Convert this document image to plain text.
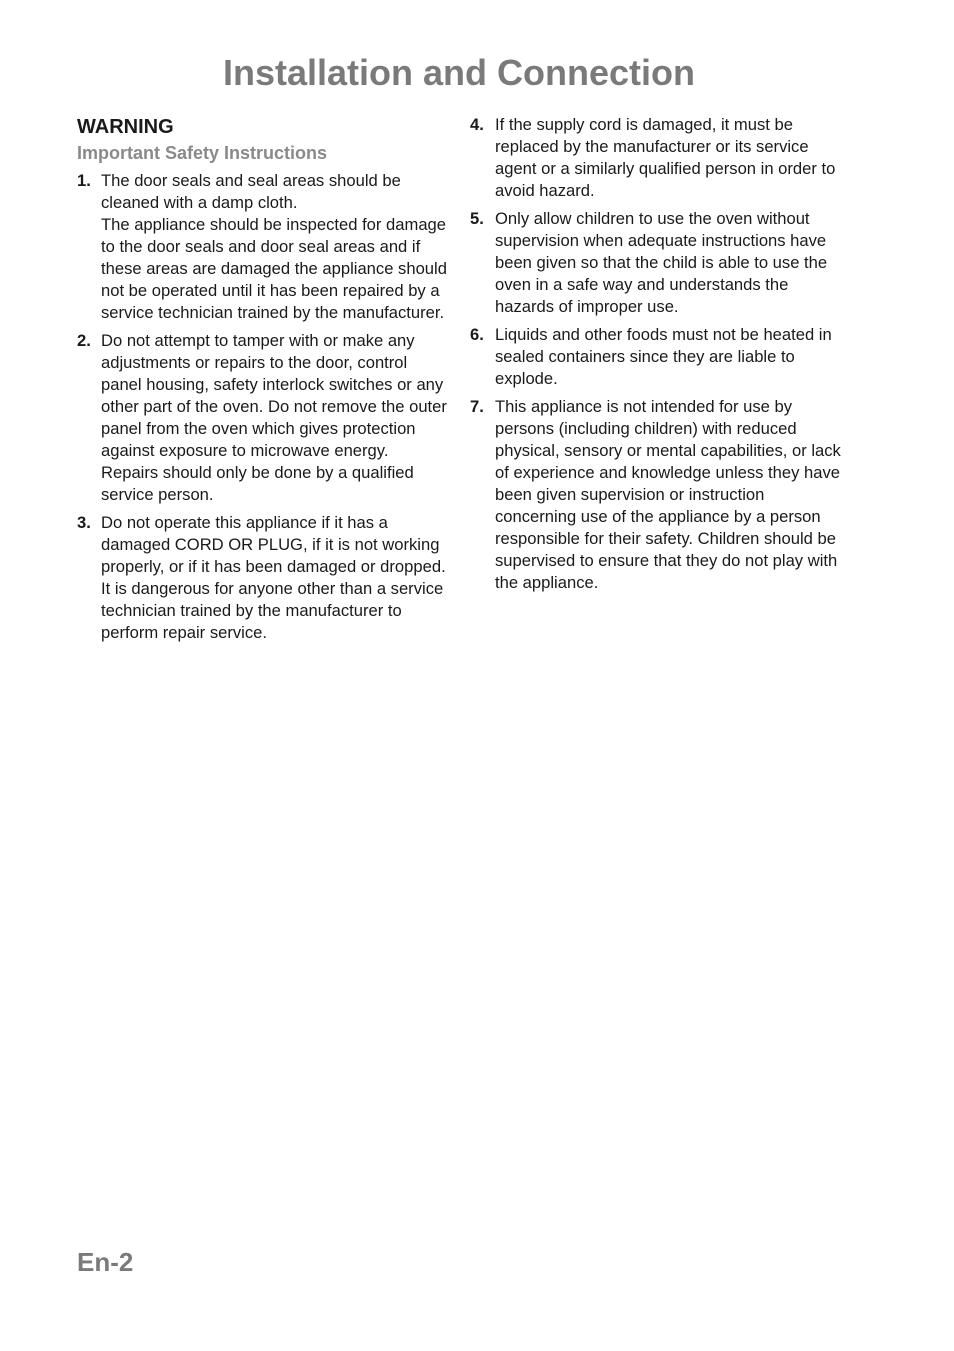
Installation and Connection
WARNING
Important Safety Instructions
1. The door seals and seal areas should be cleaned with a damp cloth.
The appliance should be inspected for damage to the door seals and door seal areas and if these areas are damaged the appliance should not be operated until it has been repaired by a service technician trained by the manufacturer.
2. Do not attempt to tamper with or make any adjustments or repairs to the door, control panel housing, safety interlock switches or any other part of the oven. Do not remove the outer panel from the oven which gives protection against exposure to microwave energy.
Repairs should only be done by a qualified service person.
3. Do not operate this appliance if it has a damaged CORD OR PLUG, if it is not working properly, or if it has been damaged or dropped. It is dangerous for anyone other than a service technician trained by the manufacturer to perform repair service.
4. If the supply cord is damaged, it must be replaced by the manufacturer or its service agent or a similarly qualified person in order to avoid hazard.
5. Only allow children to use the oven without supervision when adequate instructions have been given so that the child is able to use the oven in a safe way and understands the hazards of improper use.
6. Liquids and other foods must not be heated in sealed containers since they are liable to explode.
7. This appliance is not intended for use by persons (including children) with reduced physical, sensory or mental capabilities, or lack of experience and knowledge unless they have been given supervision or instruction concerning use of the appliance by a person responsible for their safety. Children should be supervised to ensure that they do not play with the appliance.
En-2
